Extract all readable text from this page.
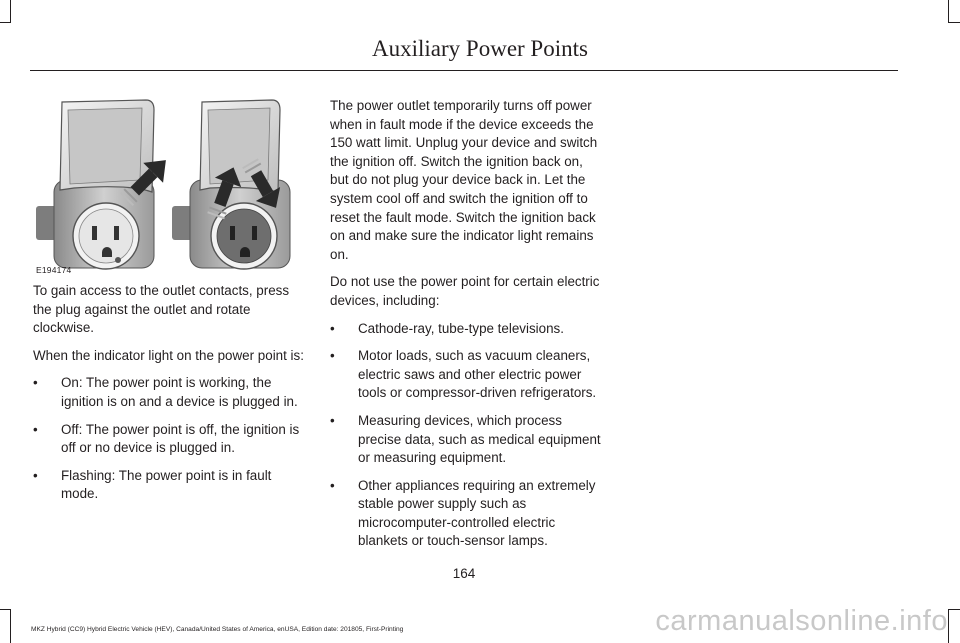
Auxiliary Power Points
E194174

To gain access to the outlet contacts, press the plug against the outlet and rotate clockwise.

When the indicator light on the power point is:

• On: The power point is working, the ignition is on and a device is plugged in.
• Off: The power point is off, the ignition is off or no device is plugged in.
• Flashing: The power point is in fault mode.

The power outlet temporarily turns off power when in fault mode if the device exceeds the 150 watt limit. Unplug your device and switch the ignition off. Switch the ignition back on, but do not plug your device back in. Let the system cool off and switch the ignition off to reset the fault mode. Switch the ignition back on and make sure the indicator light remains on.

Do not use the power point for certain electric devices, including:

• Cathode-ray, tube-type televisions.
• Motor loads, such as vacuum cleaners, electric saws and other electric power tools or compressor-driven refrigerators.
• Measuring devices, which process precise data, such as medical equipment or measuring equipment.
• Other appliances requiring an extremely stable power supply such as microcomputer-controlled electric blankets or touch-sensor lamps.
164
MKZ Hybrid (CC9) Hybrid Electric Vehicle (HEV), Canada/United States of America, enUSA, Edition date: 201805, First-Printing	carmanualsonline.info
